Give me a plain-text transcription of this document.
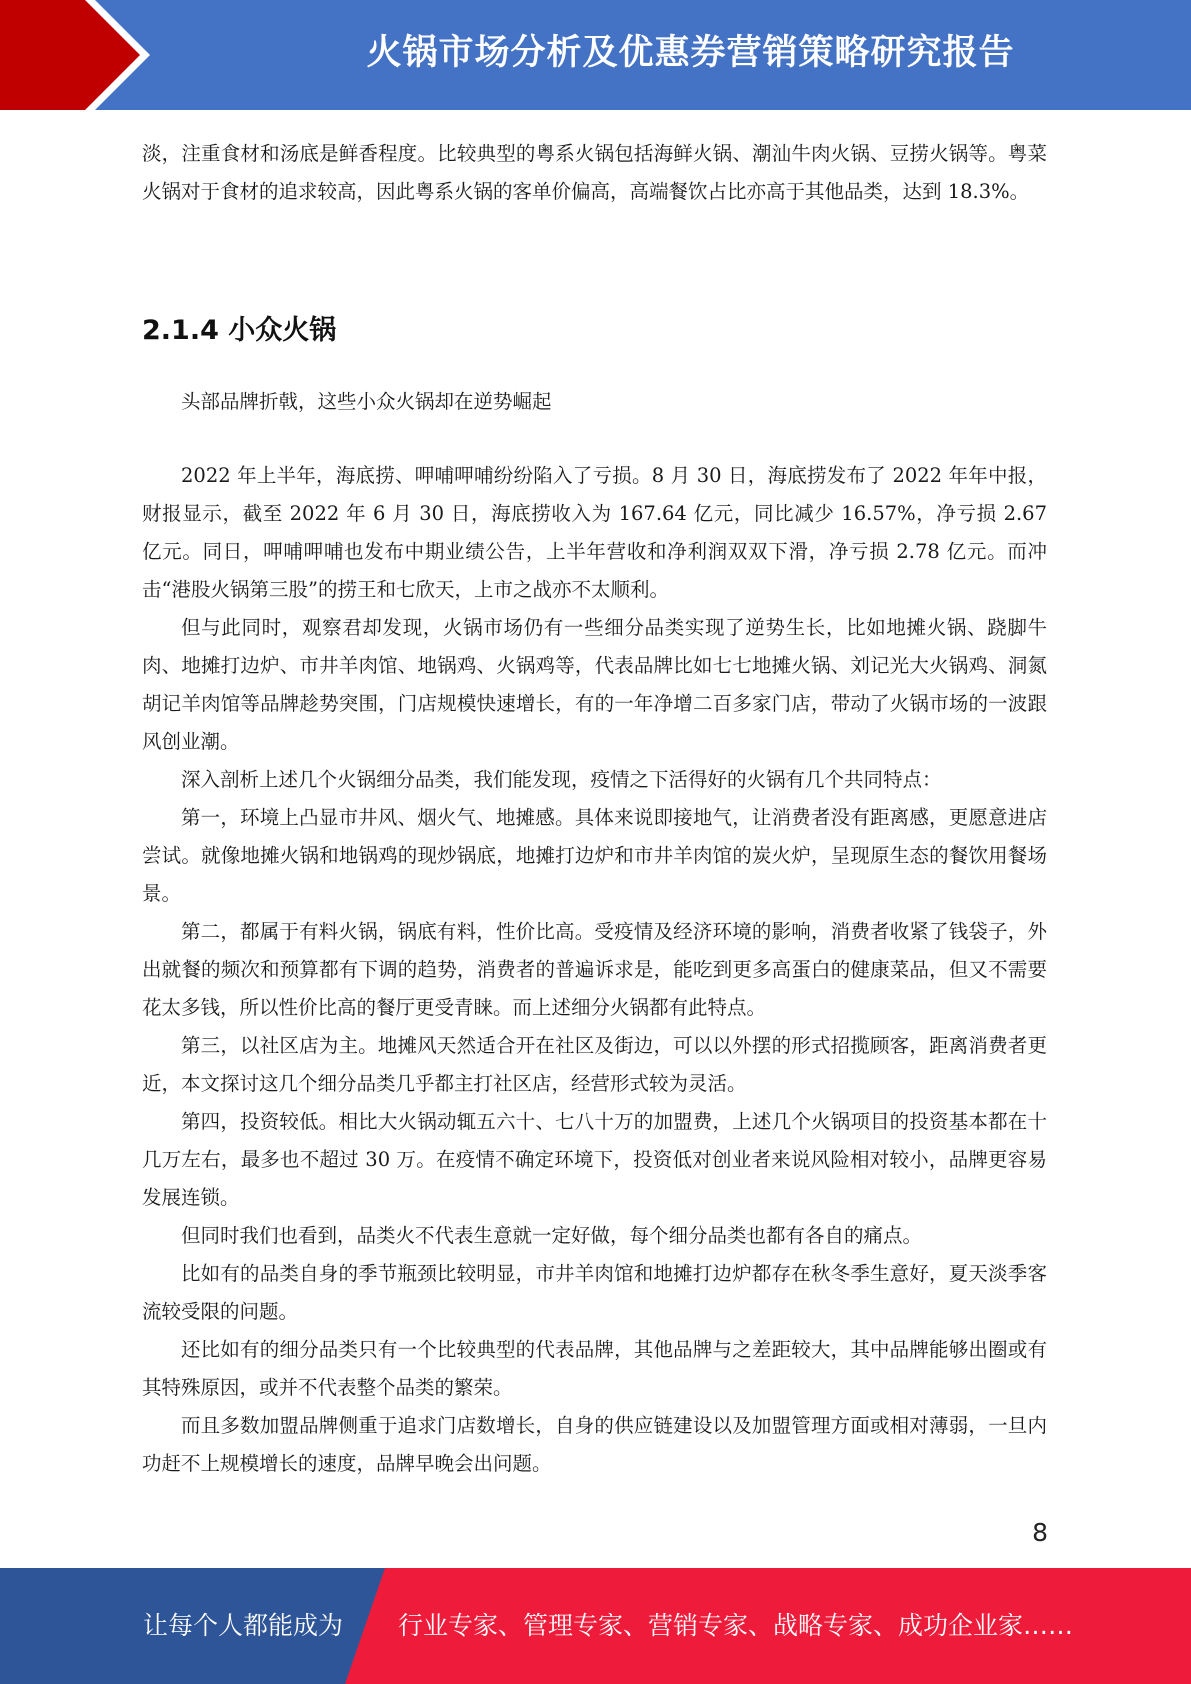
火锅市场分析及优惠券营销策略研究报告

淡，注重食材和汤底是鲜香程度。比较典型的粤系火锅包括海鲜火锅、潮汕牛肉火锅、豆捞火锅等。粤菜火锅对于食材的追求较高，因此粤系火锅的客单价偏高，高端餐饮占比亦高于其他品类，达到 18.3%。

2.1.4 小众火锅

头部品牌折戟，这些小众火锅却在逆势崛起

2022 年上半年，海底捞、呷哺呷哺纷纷陷入了亏损。8 月 30 日，海底捞发布了 2022 年年中报，财报显示，截至 2022 年 6 月 30 日，海底捞收入为 167.64 亿元，同比减少 16.57%，净亏损 2.67 亿元。同日，呷哺呷哺也发布中期业绩公告，上半年营收和净利润双双下滑，净亏损 2.78 亿元。而冲击“港股火锅第三股”的捞王和七欣天，上市之战亦不太顺利。

但与此同时，观察君却发现，火锅市场仍有一些细分品类实现了逆势生长，比如地摊火锅、跷脚牛肉、地摊打边炉、市井羊肉馆、地锅鸡、火锅鸡等，代表品牌比如七七地摊火锅、刘记光大火锅鸡、洞氮胡记羊肉馆等品牌趁势突围，门店规模快速增长，有的一年净增二百多家门店，带动了火锅市场的一波跟风创业潮。

深入剖析上述几个火锅细分品类，我们能发现，疫情之下活得好的火锅有几个共同特点：

第一，环境上凸显市井风、烟火气、地摊感。具体来说即接地气，让消费者没有距离感，更愿意进店尝试。就像地摊火锅和地锅鸡的现炒锅底，地摊打边炉和市井羊肉馆的炭火炉，呈现原生态的餐饮用餐场景。

第二，都属于有料火锅，锅底有料，性价比高。受疫情及经济环境的影响，消费者收紧了钱袋子，外出就餐的频次和预算都有下调的趋势，消费者的普遍诉求是，能吃到更多高蛋白的健康菜品，但又不需要花太多钱，所以性价比高的餐厅更受青睐。而上述细分火锅都有此特点。

第三，以社区店为主。地摊风天然适合开在社区及街边，可以以外摆的形式招揽顾客，距离消费者更近，本文探讨这几个细分品类几乎都主打社区店，经营形式较为灵活。

第四，投资较低。相比大火锅动辄五六十、七八十万的加盟费，上述几个火锅项目的投资基本都在十几万左右，最多也不超过 30 万。在疫情不确定环境下，投资低对创业者来说风险相对较小，品牌更容易发展连锁。

但同时我们也看到，品类火不代表生意就一定好做，每个细分品类也都有各自的痛点。

比如有的品类自身的季节瓶颈比较明显，市井羊肉馆和地摊打边炉都存在秋冬季生意好，夏天淡季客流较受限的问题。

还比如有的细分品类只有一个比较典型的代表品牌，其他品牌与之差距较大，其中品牌能够出圈或有其特殊原因，或并不代表整个品类的繁荣。

而且多数加盟品牌侧重于追求门店数增长，自身的供应链建设以及加盟管理方面或相对薄弱，一旦内功赶不上规模增长的速度，品牌早晚会出问题。

8
让每个人都能成为 行业专家、管理专家、营销专家、战略专家、成功企业家……
